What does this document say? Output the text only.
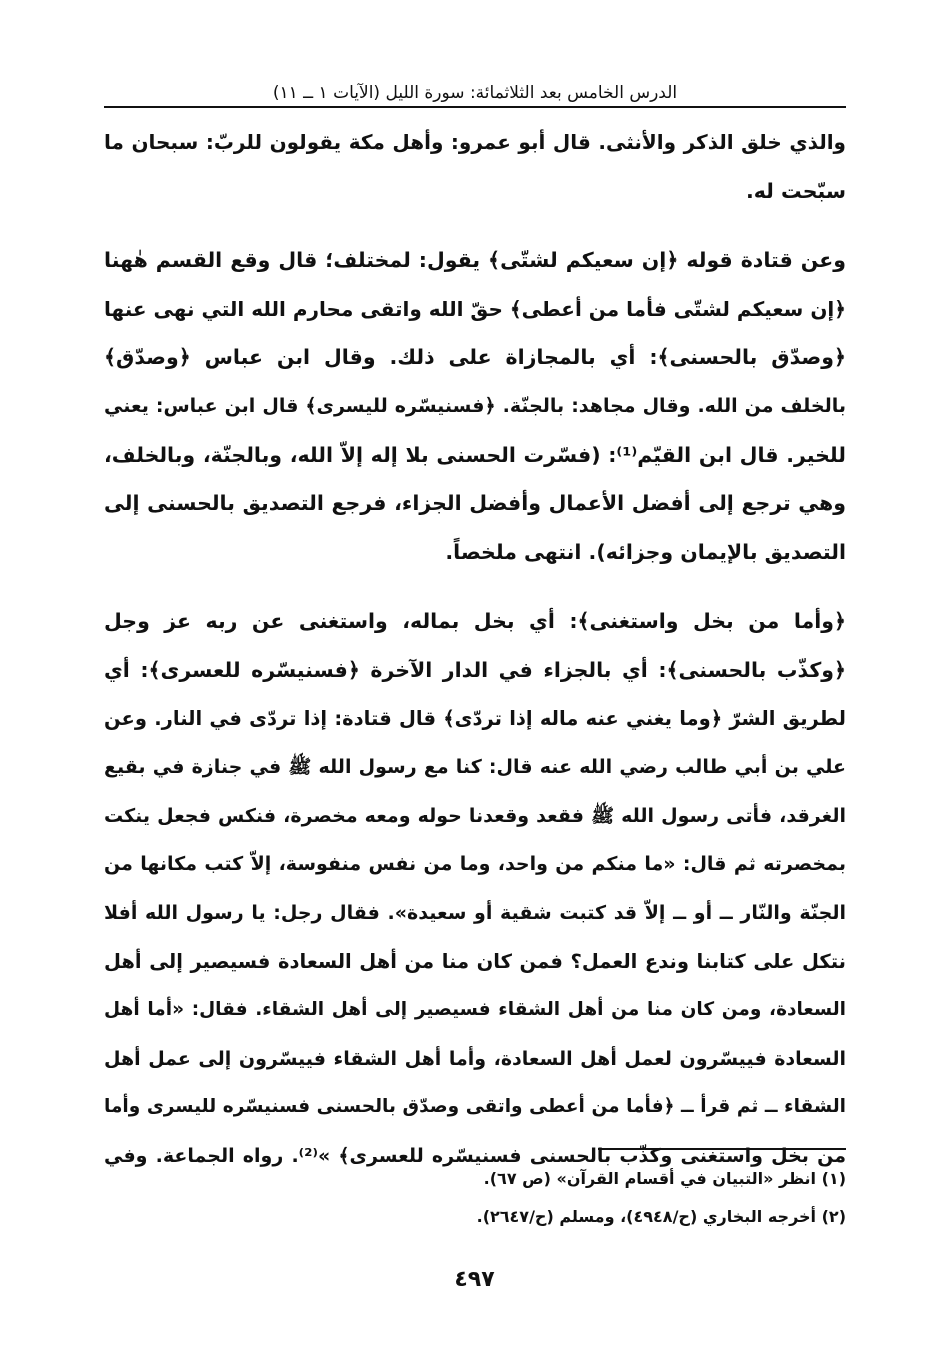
الدرس الخامس بعد الثلاثمائة: سورة الليل (الآيات ١ ــ ١١)
والذي خلق الذكر والأنثى. قال أبو عمرو: وأهل مكة يقولون للربّ: سبحان ما
سبّحت له.
وعن قتادة قوله ﴿إن سعيكم لشتّى﴾ يقول: لمختلف؛ قال وقع القسم هٰهنا
﴿إن سعيكم لشتّى فأما من أعطى﴾ حقّ الله واتقى محارم الله التي نهى عنها
﴿وصدّق بالحسنى﴾: أي بالمجازاة على ذلك. وقال ابن عباس ﴿وصدّق﴾
بالخلف من الله. وقال مجاهد: بالجنّة. ﴿فسنيسّره لليسرى﴾ قال ابن عباس: يعني
للخير. قال ابن القيّم⁽¹⁾: (فسّرت الحسنى بلا إله إلاّ الله، وبالجنّة، وبالخلف،
وهي ترجع إلى أفضل الأعمال وأفضل الجزاء، فرجع التصديق بالحسنى إلى
التصديق بالإيمان وجزائه). انتهى ملخصاً.
﴿وأما من بخل واستغنى﴾: أي بخل بماله، واستغنى عن ربه عز وجل
﴿وكذّب بالحسنى﴾: أي بالجزاء في الدار الآخرة ﴿فسنيسّره للعسرى﴾: أي
لطريق الشرّ ﴿وما يغني عنه ماله إذا تردّى﴾ قال قتادة: إذا تردّى في النار. وعن
علي بن أبي طالب رضي الله عنه قال: كنا مع رسول الله ﷺ في جنازة في بقيع
الغرقد، فأتى رسول الله ﷺ فقعد وقعدنا حوله ومعه مخصرة، فنكس فجعل ينكت
بمخصرته ثم قال: «ما منكم من واحد، وما من نفس منفوسة، إلاّ كتب مكانها من
الجنّة والنّار ــ أو ــ إلاّ قد كتبت شقية أو سعيدة». فقال رجل: يا رسول الله أفلا
نتكل على كتابنا وندع العمل؟ فمن كان منا من أهل السعادة فسيصير إلى أهل
السعادة، ومن كان منا من أهل الشقاء فسيصير إلى أهل الشقاء. فقال: «أما أهل
السعادة فييسّرون لعمل أهل السعادة، وأما أهل الشقاء فييسّرون إلى عمل أهل
الشقاء ــ ثم قرأ ــ ﴿فأما من أعطى واتقى وصدّق بالحسنى فسنيسّره لليسرى وأما
من بخل واستغنى وكذّب بالحسنى فسنيسّره للعسرى﴾ »⁽²⁾. رواه الجماعة. وفي
(١) انظر «التبيان في أقسام القرآن» (ص ٦٧).
(٢) أخرجه البخاري (ح/٤٩٤٨)، ومسلم (ح/٢٦٤٧).
٤٩٧
